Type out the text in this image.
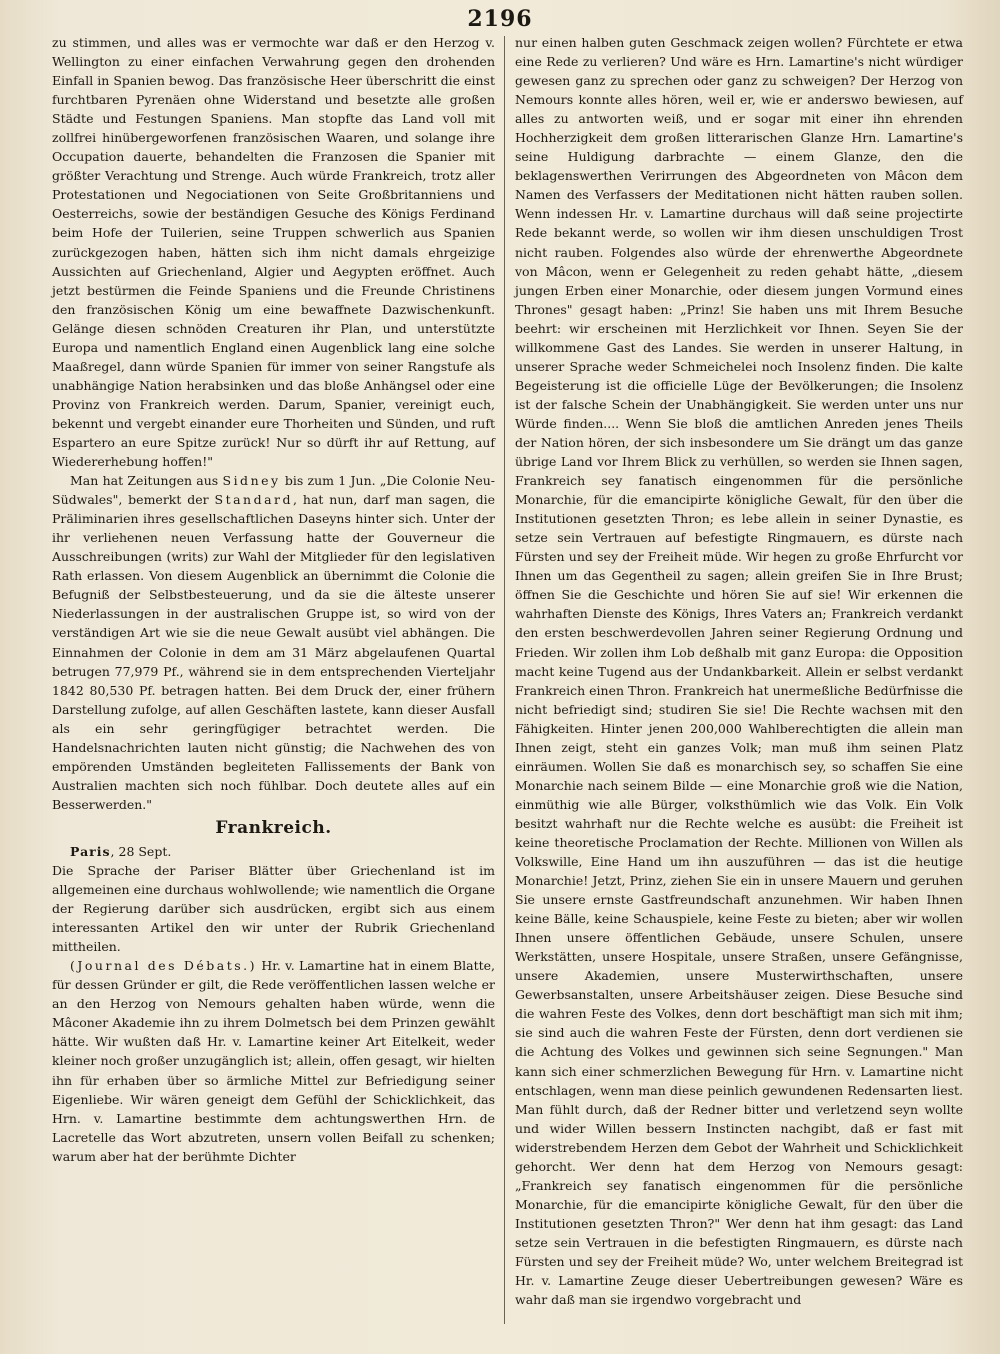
2196

zu stimmen, und alles was er vermochte war daß er den Herzog v. Wellington zu einer einfachen Verwahrung gegen den drohenden Einfall in Spanien bewog. Das französische Heer überschritt die einst furchtbaren Pyrenäen ohne Widerstand und besetzte alle großen Städte und Festungen Spaniens. Man stopfte das Land voll mit zollfrei hinübergeworfenen französischen Waaren, und solange ihre Occupation dauerte, behandelten die Franzosen die Spanier mit größter Verachtung und Strenge. Auch würde Frankreich, trotz aller Protestationen und Negociationen von Seite Großbritanniens und Oesterreichs, sowie der beständigen Gesuche des Königs Ferdinand beim Hofe der Tuilerien, seine Truppen schwerlich aus Spanien zurückgezogen haben, hätten sich ihm nicht damals ehrgeizige Aussichten auf Griechenland, Algier und Aegypten eröffnet. Auch jetzt bestürmen die Feinde Spaniens und die Freunde Christinens den französischen König um eine bewaffnete Dazwischenkunft. Gelänge diesen schnöden Creaturen ihr Plan, und unterstützte Europa und namentlich England einen Augenblick lang eine solche Maaßregel, dann würde Spanien für immer von seiner Rangstufe als unabhängige Nation herabsinken und das bloße Anhängsel oder eine Provinz von Frankreich werden. Darum, Spanier, vereinigt euch, bekennt und vergebt einander eure Thorheiten und Sünden, und ruft Espartero an eure Spitze zurück! Nur so dürft ihr auf Rettung, auf Wiedererhebung hoffen!"

Man hat Zeitungen aus Sidney bis zum 1 Jun. „Die Colonie Neu-Südwales", bemerkt der Standard, hat nun, darf man sagen, die Präliminarien ihres gesellschaftlichen Daseyns hinter sich. Unter der ihr verliehenen neuen Verfassung hatte der Gouverneur die Ausschreibungen (writs) zur Wahl der Mitglieder für den legislativen Rath erlassen. Von diesem Augenblick an übernimmt die Colonie die Befugniß der Selbstbesteuerung, und da sie die älteste unserer Niederlassungen in der australischen Gruppe ist, so wird von der verständigen Art wie sie die neue Gewalt ausübt viel abhängen. Die Einnahmen der Colonie in dem am 31 März abgelaufenen Quartal betrugen 77,979 Pf., während sie in dem entsprechenden Vierteljahr 1842 80,530 Pf. betragen hatten. Bei dem Druck der, einer frühern Darstellung zufolge, auf allen Geschäften lastete, kann dieser Ausfall als ein sehr geringfügiger betrachtet werden. Die Handelsnachrichten lauten nicht günstig; die Nachwehen des von empörenden Umständen begleiteten Fallissements der Bank von Australien machten sich noch fühlbar. Doch deutete alles auf ein Besserwerden."

Frankreich.

Paris, 28 Sept.

Die Sprache der Pariser Blätter über Griechenland ist im allgemeinen eine durchaus wohlwollende; wie namentlich die Organe der Regierung darüber sich ausdrücken, ergibt sich aus einem interessanten Artikel den wir unter der Rubrik Griechenland mittheilen.

(Journal des Débats.) Hr. v. Lamartine hat in einem Blatte, für dessen Gründer er gilt, die Rede veröffentlichen lassen welche er an den Herzog von Nemours gehalten haben würde, wenn die Mâconer Akademie ihn zu ihrem Dolmetsch bei dem Prinzen gewählt hätte. Wir wußten daß Hr. v. Lamartine keiner Art Eitelkeit, weder kleiner noch großer unzugänglich ist; allein, offen gesagt, wir hielten ihn für erhaben über so ärmliche Mittel zur Befriedigung seiner Eigenliebe. Wir wären geneigt dem Gefühl der Schicklichkeit, das Hrn. v. Lamartine bestimmte dem achtungswerthen Hrn. de Lacretelle das Wort abzutreten, unsern vollen Beifall zu schenken; warum aber hat der berühmte Dichter

nur einen halben guten Geschmack zeigen wollen? Fürchtete er etwa eine Rede zu verlieren? Und wäre es Hrn. Lamartine's nicht würdiger gewesen ganz zu sprechen oder ganz zu schweigen? Der Herzog von Nemours konnte alles hören, weil er, wie er anderswo bewiesen, auf alles zu antworten weiß, und er sogar mit einer ihn ehrenden Hochherzigkeit dem großen litterarischen Glanze Hrn. Lamartine's seine Huldigung darbrachte — einem Glanze, den die beklagenswerthen Verirrungen des Abgeordneten von Mâcon dem Namen des Verfassers der Meditationen nicht hätten rauben sollen. Wenn indessen Hr. v. Lamartine durchaus will daß seine projectirte Rede bekannt werde, so wollen wir ihm diesen unschuldigen Trost nicht rauben. Folgendes also würde der ehrenwerthe Abgeordnete von Mâcon, wenn er Gelegenheit zu reden gehabt hätte, „diesem jungen Erben einer Monarchie, oder diesem jungen Vormund eines Thrones" gesagt haben: „Prinz! Sie haben uns mit Ihrem Besuche beehrt: wir erscheinen mit Herzlichkeit vor Ihnen. Seyen Sie der willkommene Gast des Landes. Sie werden in unserer Haltung, in unserer Sprache weder Schmeichelei noch Insolenz finden. Die kalte Begeisterung ist die officielle Lüge der Bevölkerungen; die Insolenz ist der falsche Schein der Unabhängigkeit. Sie werden unter uns nur Würde finden.... Wenn Sie bloß die amtlichen Anreden jenes Theils der Nation hören, der sich insbesondere um Sie drängt um das ganze übrige Land vor Ihrem Blick zu verhüllen, so werden sie Ihnen sagen, Frankreich sey fanatisch eingenommen für die persönliche Monarchie, für die emancipirte königliche Gewalt, für den über die Institutionen gesetzten Thron; es lebe allein in seiner Dynastie, es setze sein Vertrauen auf befestigte Ringmauern, es dürste nach Fürsten und sey der Freiheit müde. Wir hegen zu große Ehrfurcht vor Ihnen um das Gegentheil zu sagen; allein greifen Sie in Ihre Brust; öffnen Sie die Geschichte und hören Sie auf sie! Wir erkennen die wahrhaften Dienste des Königs, Ihres Vaters an; Frankreich verdankt den ersten beschwerdevollen Jahren seiner Regierung Ordnung und Frieden. Wir zollen ihm Lob deßhalb mit ganz Europa: die Opposition macht keine Tugend aus der Undankbarkeit. Allein er selbst verdankt Frankreich einen Thron. Frankreich hat unermeßliche Bedürfnisse die nicht befriedigt sind; studiren Sie sie! Die Rechte wachsen mit den Fähigkeiten. Hinter jenen 200,000 Wahlberechtigten die allein man Ihnen zeigt, steht ein ganzes Volk; man muß ihm seinen Platz einräumen. Wollen Sie daß es monarchisch sey, so schaffen Sie eine Monarchie nach seinem Bilde — eine Monarchie groß wie die Nation, einmüthig wie alle Bürger, volksthümlich wie das Volk. Ein Volk besitzt wahrhaft nur die Rechte welche es ausübt: die Freiheit ist keine theoretische Proclamation der Rechte. Millionen von Willen als Volkswille, Eine Hand um ihn auszuführen — das ist die heutige Monarchie! Jetzt, Prinz, ziehen Sie ein in unsere Mauern und geruhen Sie unsere ernste Gastfreundschaft anzunehmen. Wir haben Ihnen keine Bälle, keine Schauspiele, keine Feste zu bieten; aber wir wollen Ihnen unsere öffentlichen Gebäude, unsere Schulen, unsere Werkstätten, unsere Hospitale, unsere Straßen, unsere Gefängnisse, unsere Akademien, unsere Musterwirthschaften, unsere Gewerbsanstalten, unsere Arbeitshäuser zeigen. Diese Besuche sind die wahren Feste des Volkes, denn dort beschäftigt man sich mit ihm; sie sind auch die wahren Feste der Fürsten, denn dort verdienen sie die Achtung des Volkes und gewinnen sich seine Segnungen." Man kann sich einer schmerzlichen Bewegung für Hrn. v. Lamartine nicht entschlagen, wenn man diese peinlich gewundenen Redensarten liest. Man fühlt durch, daß der Redner bitter und verletzend seyn wollte und wider Willen bessern Instincten nachgibt, daß er fast mit widerstrebendem Herzen dem Gebot der Wahrheit und Schicklichkeit gehorcht. Wer denn hat dem Herzog von Nemours gesagt: „Frankreich sey fanatisch eingenommen für die persönliche Monarchie, für die emancipirte königliche Gewalt, für den über die Institutionen gesetzten Thron?" Wer denn hat ihm gesagt: das Land setze sein Vertrauen in die befestigten Ringmauern, es dürste nach Fürsten und sey der Freiheit müde? Wo, unter welchem Breitegrad ist Hr. v. Lamartine Zeuge dieser Uebertreibungen gewesen? Wäre es wahr daß man sie irgendwo vorgebracht und
